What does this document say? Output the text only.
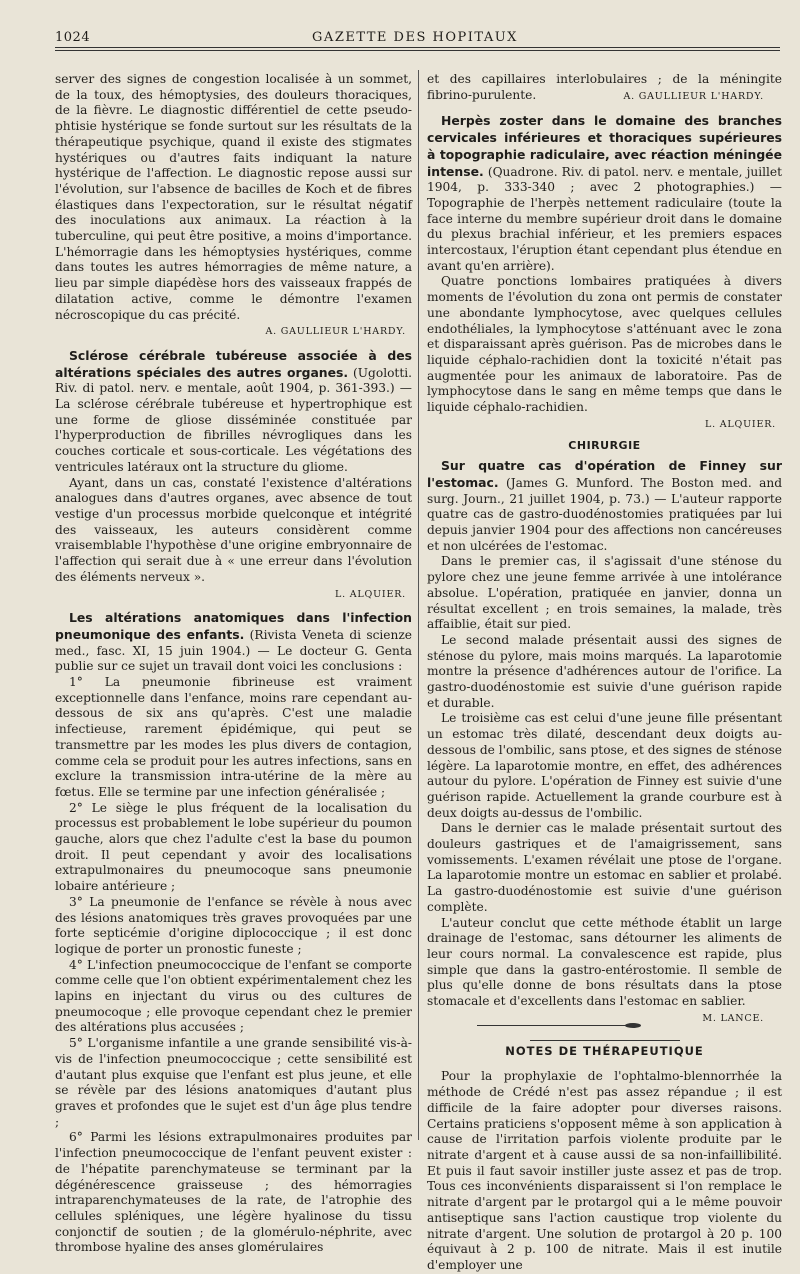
1024	GAZETTE DES HOPITAUX

server des signes de congestion localisée à un sommet, de la toux, des hémoptysies, des douleurs thoraciques, de la fièvre. Le diagnostic différentiel de cette pseudo-phtisie hystérique se fonde surtout sur les résultats de la thérapeutique psychique, quand il existe des stigmates hystériques ou d'autres faits indiquant la nature hystérique de l'affection. Le diagnostic repose aussi sur l'évolution, sur l'absence de bacilles de Koch et de fibres élastiques dans l'expectoration, sur le résultat négatif des inoculations aux animaux. La réaction à la tuberculine, qui peut être positive, a moins d'importance. L'hémorragie dans les hémoptysies hystériques, comme dans toutes les autres hémorragies de même nature, a lieu par simple diapédèse hors des vaisseaux frappés de dilatation active, comme le démontre l'examen nécroscopique du cas précité.

A. GAULLIEUR L'HARDY.

Sclérose cérébrale tubéreuse associée à des altérations spéciales des autres organes. (Ugolotti. Riv. di patol. nerv. e mentale, août 1904, p. 361-393.) — La sclérose cérébrale tubéreuse et hypertrophique est une forme de gliose disséminée constituée par l'hyperproduction de fibrilles névrogliques dans les couches corticale et sous-corticale. Les végétations des ventricules latéraux ont la structure du gliome.

Ayant, dans un cas, constaté l'existence d'altérations analogues dans d'autres organes, avec absence de tout vestige d'un processus morbide quelconque et intégrité des vaisseaux, les auteurs considèrent comme vraisemblable l'hypothèse d'une origine embryonnaire de l'affection qui serait due à « une erreur dans l'évolution des éléments nerveux ».

L. ALQUIER.

Les altérations anatomiques dans l'infection pneumonique des enfants. (Rivista Veneta di scienze med., fasc. XI, 15 juin 1904.) — Le docteur G. Genta publie sur ce sujet un travail dont voici les conclusions :

1° La pneumonie fibrineuse est vraiment exceptionnelle dans l'enfance, moins rare cependant au-dessous de six ans qu'après. C'est une maladie infectieuse, rarement épidémique, qui peut se transmettre par les modes les plus divers de contagion, comme cela se produit pour les autres infections, sans en exclure la transmission intra-utérine de la mère au fœtus. Elle se termine par une infection généralisée ;

2° Le siège le plus fréquent de la localisation du processus est probablement le lobe supérieur du poumon gauche, alors que chez l'adulte c'est la base du poumon droit. Il peut cependant y avoir des localisations extrapulmonaires du pneumocoque sans pneumonie lobaire antérieure ;

3° La pneumonie de l'enfance se révèle à nous avec des lésions anatomiques très graves provoquées par une forte septicémie d'origine diplococcique ; il est donc logique de porter un pronostic funeste ;

4° L'infection pneumococcique de l'enfant se comporte comme celle que l'on obtient expérimentalement chez les lapins en injectant du virus ou des cultures de pneumocoque ; elle provoque cependant chez le premier des altérations plus accusées ;

5° L'organisme infantile a une grande sensibilité vis-à-vis de l'infection pneumococcique ; cette sensibilité est d'autant plus exquise que l'enfant est plus jeune, et elle se révèle par des lésions anatomiques d'autant plus graves et profondes que le sujet est d'un âge plus tendre ;

6° Parmi les lésions extrapulmonaires produites par l'infection pneumococcique de l'enfant peuvent exister : de l'hépatite parenchymateuse se terminant par la dégénérescence graisseuse ; des hémorragies intraparenchymateuses de la rate, de l'atrophie des cellules spléniques, une légère hyalinose du tissu conjonctif de soutien ; de la glomérulo-néphrite, avec thrombose hyaline des anses glomérulaires

et des capillaires interlobulaires ; de la méningite fibrino-purulente.	A. GAULLIEUR L'HARDY.

Herpès zoster dans le domaine des branches cervicales inférieures et thoraciques supérieures à topographie radiculaire, avec réaction méningée intense. (Quadrone. Riv. di patol. nerv. e mentale, juillet 1904, p. 333-340 ; avec 2 photographies.) — Topographie de l'herpès nettement radiculaire (toute la face interne du membre supérieur droit dans le domaine du plexus brachial inférieur, et les premiers espaces intercostaux, l'éruption étant cependant plus étendue en avant qu'en arrière).

Quatre ponctions lombaires pratiquées à divers moments de l'évolution du zona ont permis de constater une abondante lymphocytose, avec quelques cellules endothéliales, la lymphocytose s'atténuant avec le zona et disparaissant après guérison. Pas de microbes dans le liquide céphalo-rachidien dont la toxicité n'était pas augmentée pour les animaux de laboratoire. Pas de lymphocytose dans le sang en même temps que dans le liquide céphalo-rachidien.

L. ALQUIER.
CHIRURGIE

Sur quatre cas d'opération de Finney sur l'estomac. (James G. Munford. The Boston med. and surg. Journ., 21 juillet 1904, p. 73.) — L'auteur rapporte quatre cas de gastro-duodénostomies pratiquées par lui depuis janvier 1904 pour des affections non cancéreuses et non ulcérées de l'estomac.

Dans le premier cas, il s'agissait d'une sténose du pylore chez une jeune femme arrivée à une intolérance absolue. L'opération, pratiquée en janvier, donna un résultat excellent ; en trois semaines, la malade, très affaiblie, était sur pied.

Le second malade présentait aussi des signes de sténose du pylore, mais moins marqués. La laparotomie montre la présence d'adhérences autour de l'orifice. La gastro-duodénostomie est suivie d'une guérison rapide et durable.

Le troisième cas est celui d'une jeune fille présentant un estomac très dilaté, descendant deux doigts au-dessous de l'ombilic, sans ptose, et des signes de sténose légère. La laparotomie montre, en effet, des adhérences autour du pylore. L'opération de Finney est suivie d'une guérison rapide. Actuellement la grande courbure est à deux doigts au-dessus de l'ombilic.

Dans le dernier cas le malade présentait surtout des douleurs gastriques et de l'amaigrissement, sans vomissements. L'examen révélait une ptose de l'organe. La laparotomie montre un estomac en sablier et prolabé. La gastro-duodénostomie est suivie d'une guérison complète.

L'auteur conclut que cette méthode établit un large drainage de l'estomac, sans détourner les aliments de leur cours normal. La convalescence est rapide, plus simple que dans la gastro-entérostomie. Il semble de plus qu'elle donne de bons résultats dans la ptose stomacale et d'excellents dans l'estomac en sablier.
M. LANCE.

NOTES DE THÉRAPEUTIQUE

Pour la prophylaxie de l'ophtalmo-blennorrhée la méthode de Crédé n'est pas assez répandue ; il est difficile de la faire adopter pour diverses raisons. Certains praticiens s'opposent même à son application à cause de l'irritation parfois violente produite par le nitrate d'argent et à cause aussi de sa non-infaillibilité. Et puis il faut savoir instiller juste assez et pas de trop. Tous ces inconvénients disparaissent si l'on remplace le nitrate d'argent par le protargol qui a le même pouvoir antiseptique sans l'action caustique trop violente du nitrate d'argent. Une solution de protargol à 20 p. 100 équivaut à 2 p. 100 de nitrate. Mais il est inutile d'employer une
